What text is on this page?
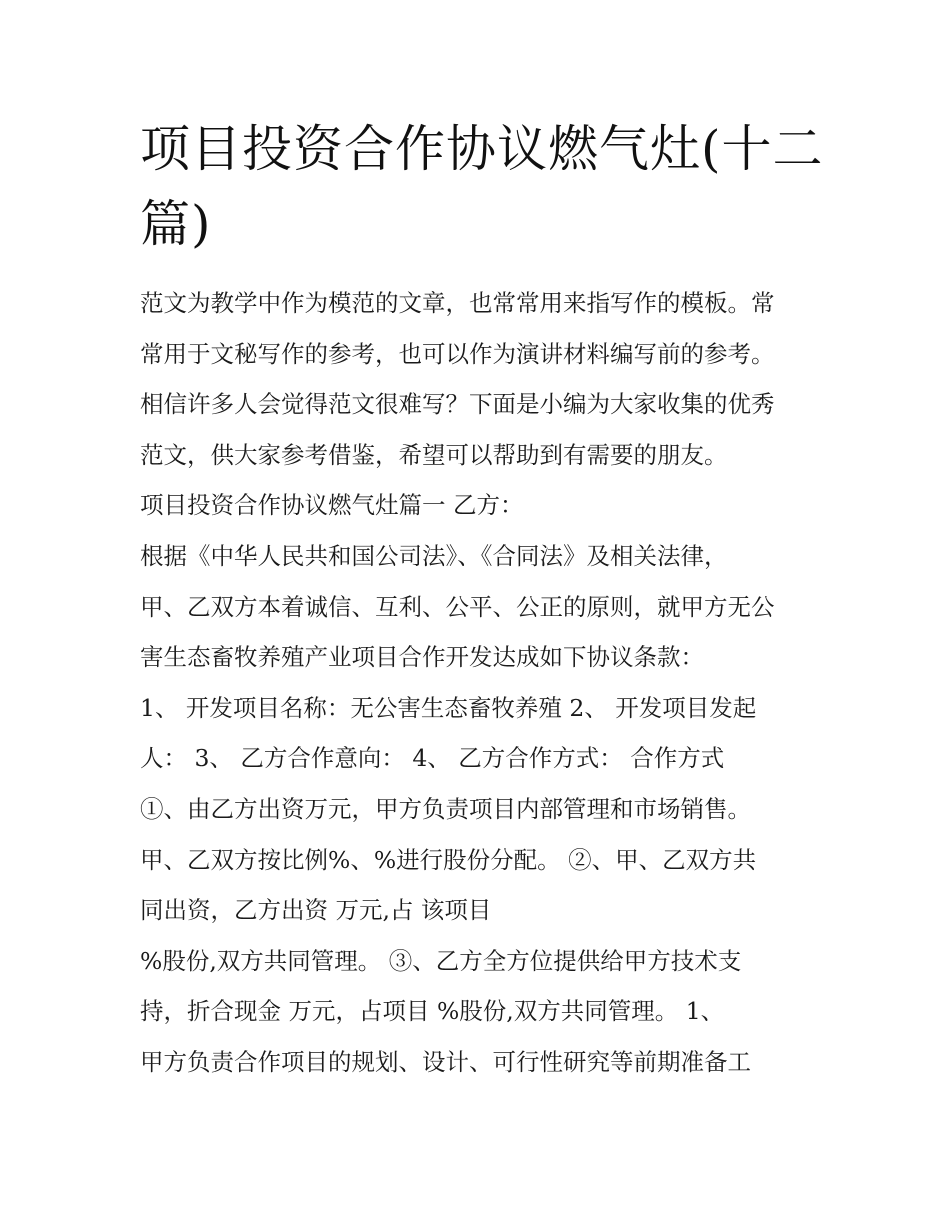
项目投资合作协议燃气灶(十二
篇)
范文为教学中作为模范的文章，也常常用来指写作的模板。常
常用于文秘写作的参考，也可以作为演讲材料编写前的参考。
相信许多人会觉得范文很难写？下面是小编为大家收集的优秀
范文，供大家参考借鉴，希望可以帮助到有需要的朋友。
项目投资合作协议燃气灶篇一 乙方：
根据《中华人民共和国公司法》、《合同法》及相关法律，
甲、乙双方本着诚信、互利、公平、公正的原则，就甲方无公
害生态畜牧养殖产业项目合作开发达成如下协议条款：
1、 开发项目名称：无公害生态畜牧养殖 2、 开发项目发起
人： 3、 乙方合作意向： 4、 乙方合作方式： 合作方式
①、由乙方出资万元，甲方负责项目内部管理和市场销售。
甲、乙双方按比例%、%进行股份分配。 ②、甲、乙双方共
同出资，乙方出资 万元,占 该项目
%股份,双方共同管理。 ③、乙方全方位提供给甲方技术支
持，折合现金 万元，占项目 %股份,双方共同管理。 1、
甲方负责合作项目的规划、设计、可行性研究等前期准备工
